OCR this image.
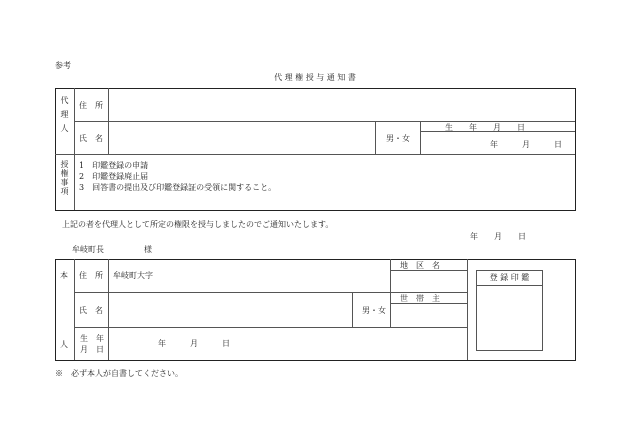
参考
代 理 権 授 与 通 知 書
代理人 住　所
氏　名	男・女
生　　年　　月　　日
年　　　月　　　日
授権事項 1　印鑑登録の申請
2　印鑑登録廃止届
3　回答書の提出及び印鑑登録証の受領に関すること。
上記の者を代理人として所定の権限を授与しましたのでご通知いたします。
年　　月　　日
牟岐町長　　　　　様
本
人
住　所 牟岐町大字
地　区　名
氏　名	男・女
世　帯　主
生　年
月　日
年　　　月　　　日
登 録 印 鑑
※　必ず本人が自書してください。
